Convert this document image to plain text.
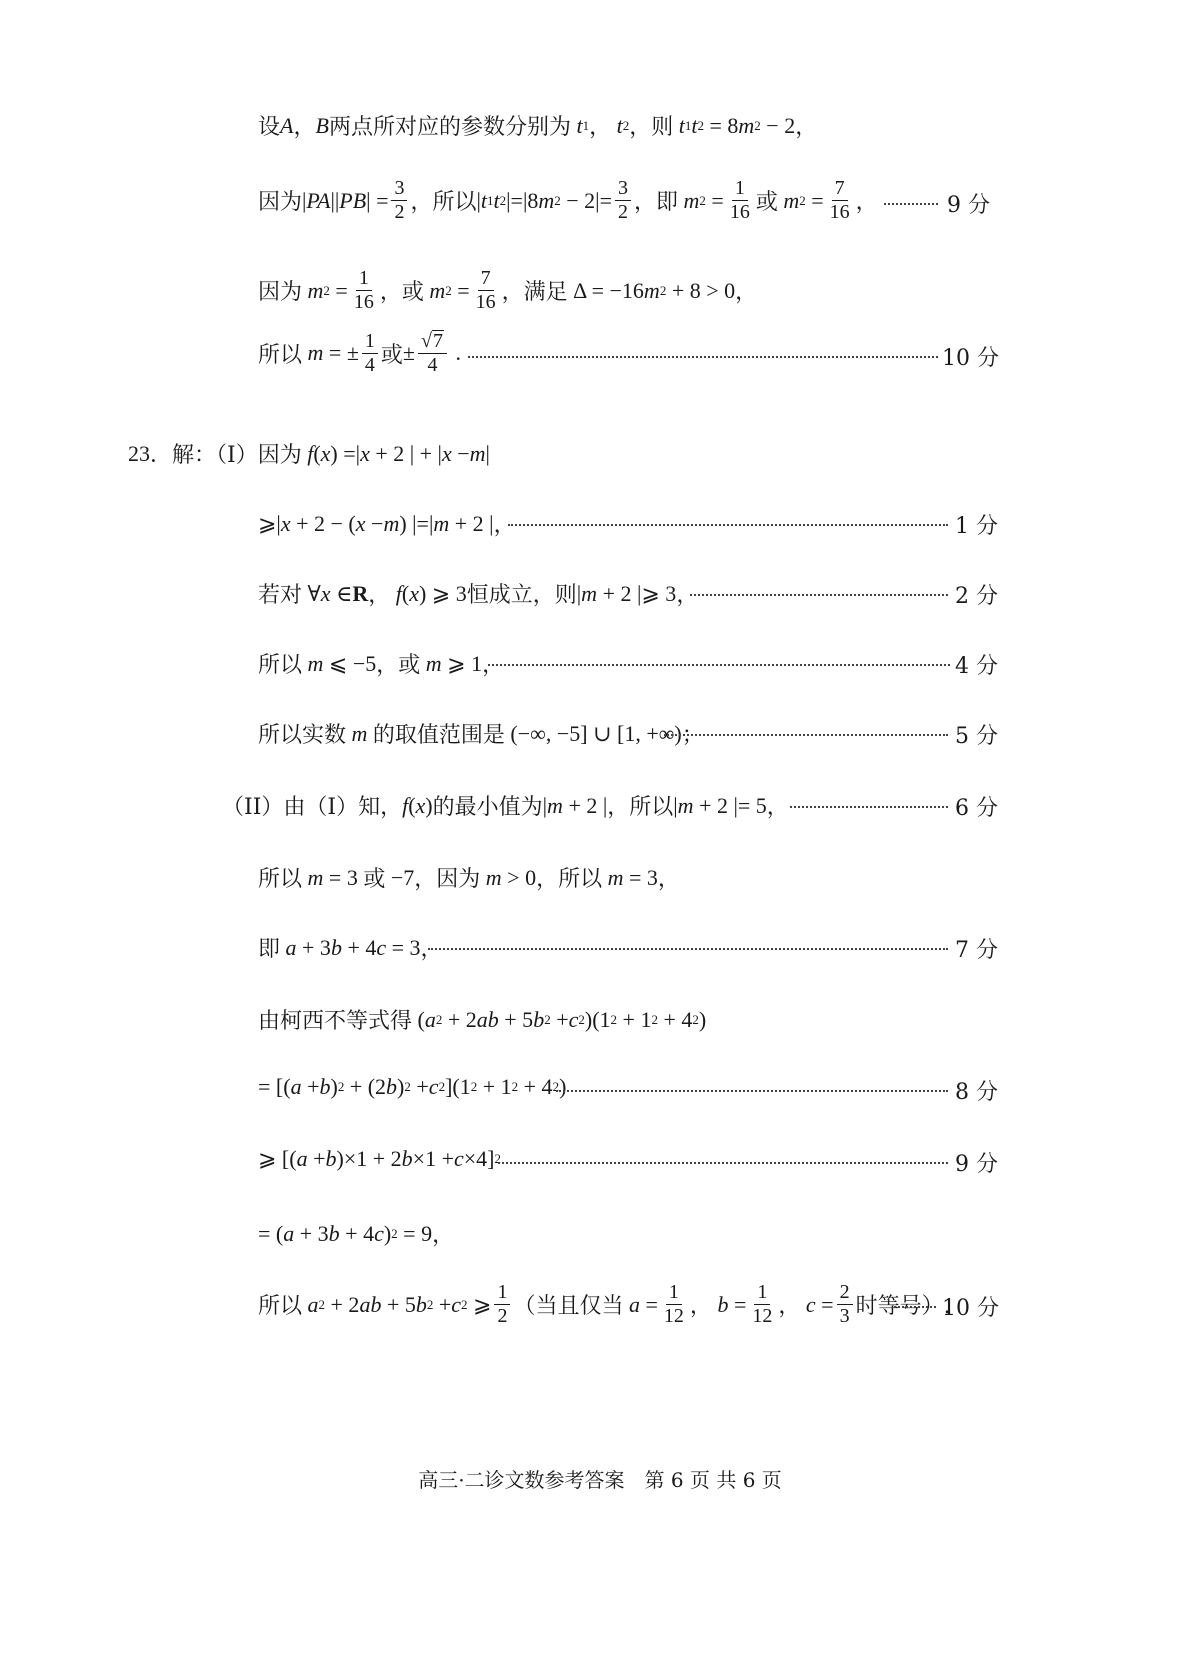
设 A ， B 两点所对应的参数分别为 t 1 ， t 2 ，则 t 1 t 2 = 8 m 2 − 2 ，
因为 | PA || PB | = $\frac{3}{2}$ ，所以 | t 1 t 2 |=|8 m $2 - 2|= \frac{3}{2}$ ，即 m $2 = \frac{1}{16}$ 或 m $2 = \frac{7}{16}$ ，	9 分
因为 m $2 = \frac{1}{16}$ ，或 m $2 = \frac{7}{16}$ ，满足 Δ = −16 m 2 + 8 > 0 ，
所以 m = ± $\frac{1}{4}$ 或 ± $\frac{√ 7}{4}$ .	10 分
23 ．解：（I）因为 f ( x ) =| x + 2 | + | x − m |
⩾| x + 2 − ( x − m ) |=| m + 2 | ，	1 分
若对 ∀ x ∈ R ， f ( x ) ⩾ 3 恒成立，则 | m + 2 |⩾ 3 ，	2 分
所以 m ⩽ −5 ，或 m ⩾ 1 ，	4 分
所以实数 m 的取值范围是 (−∞, −5] ∪ [1, +∞) ；	5 分
（II）由（I）知， f ( x ) 的最小值为 | m + 2 | ，所以 | m + 2 |= 5 ，	6 分
所以 m = 3 或 −7 ，因为 m > 0 ，所以 m = 3 ，
即 a + 3 b + 4 c = 3 ，	7 分
由柯西不等式得 ( a 2 + 2 ab + 5 b 2 + c 2 )(1 2 + 1 2 + 4 2 )
= [( a + b ) 2 + (2 b ) 2 + c 2 ](1 2 + 1 2 + 4 2 )	8 分
⩾ [( a + b )×1 + 2 b ×1 + c ×4] 2	9 分
= ( a + 3 b + 4 c ) 2 = 9 ，
所以 a 2 + 2 ab + 5 b 2 + c 2 ⩾ $\frac{1}{2}$ （当且仅当 $a = \frac{1}{12}$ ， $b = \frac{1}{12}$ ， $c = \frac{2}{3}$ 时等号）.
10 分
高三·二诊文数参考答案　第 6 页 共 6 页
